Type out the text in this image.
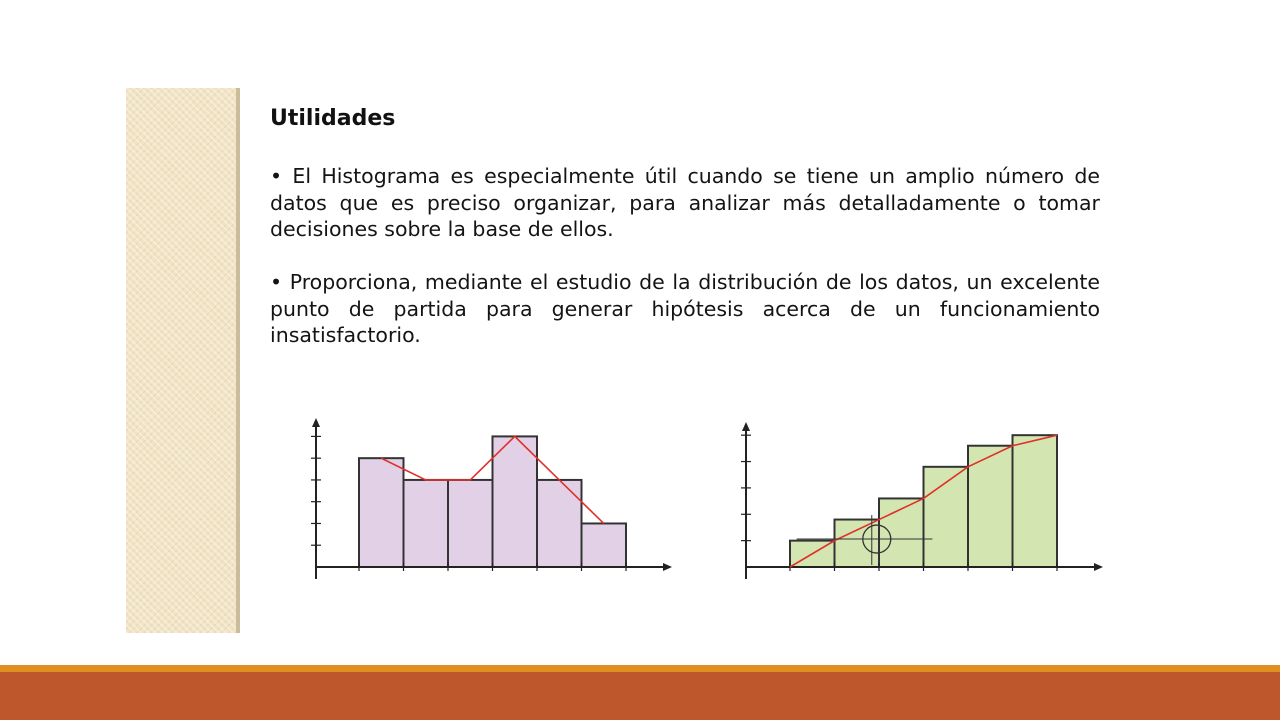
Utilidades

• El Histograma es especialmente útil cuando se tiene un amplio número de datos que es preciso organizar, para analizar más detalladamente o tomar decisiones sobre la base de ellos.

• Proporciona, mediante el estudio de la distribución de los datos, un excelente punto de partida para generar hipótesis acerca de un funcionamiento insatisfactorio.
